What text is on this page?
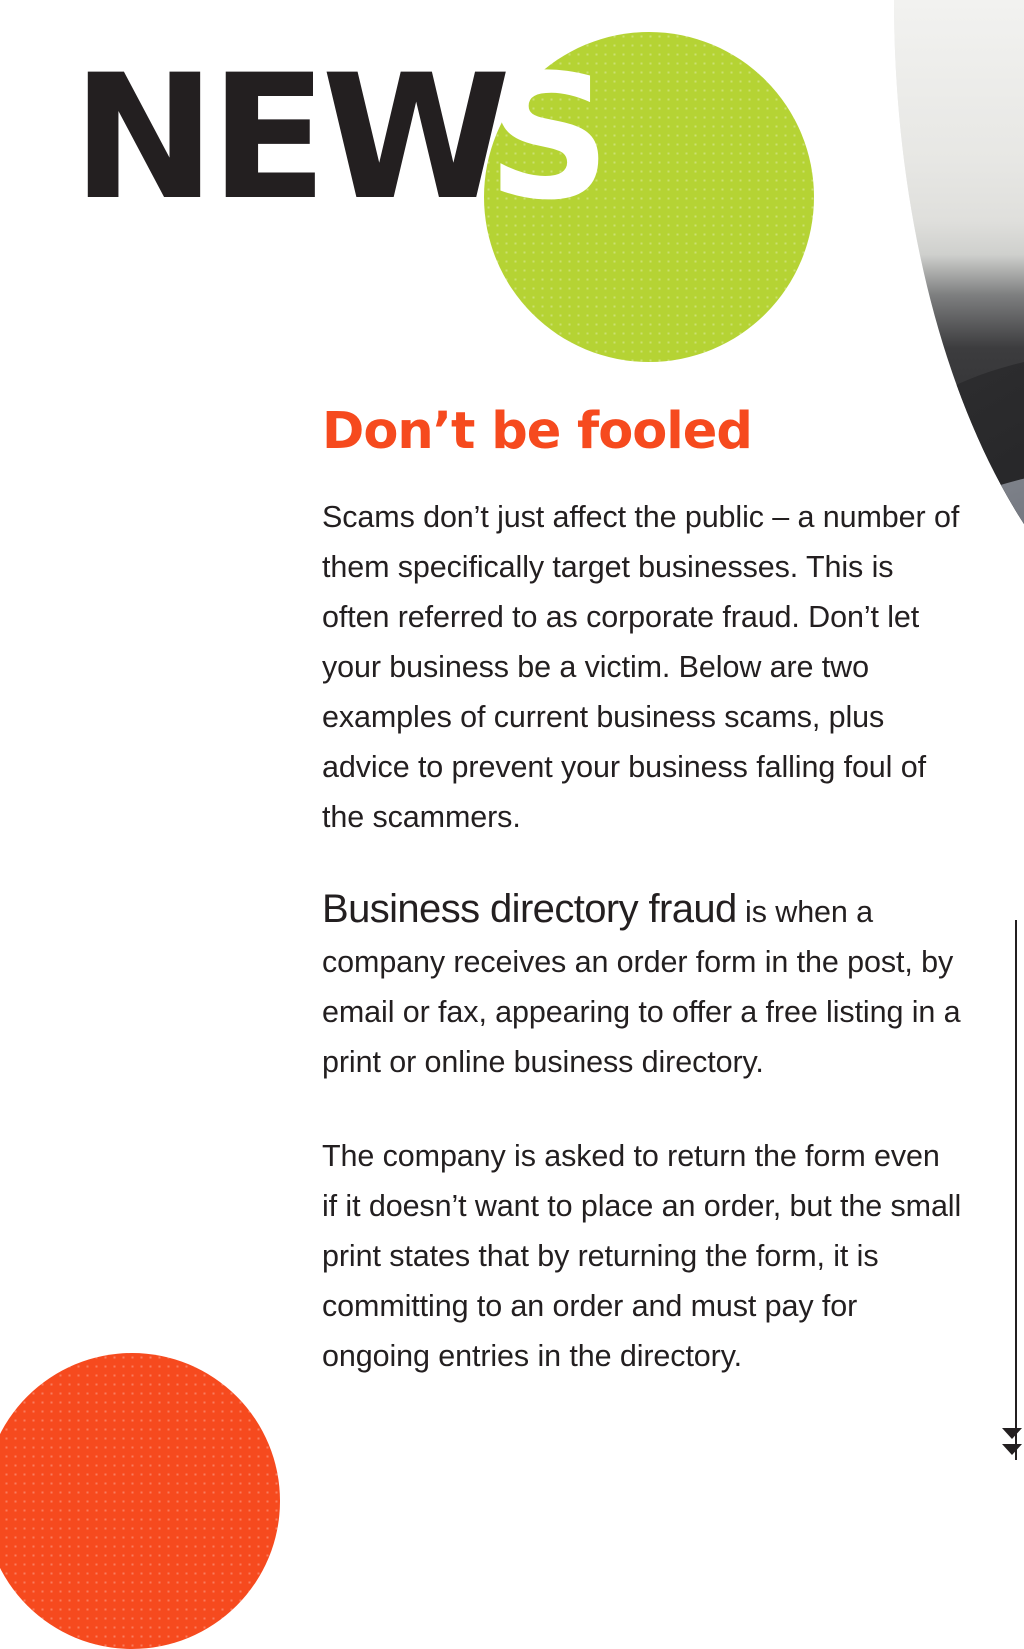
NEW
S
Don’t be fooled

Scams don’t just affect the public – a number of them specifically target businesses. This is often referred to as corporate fraud. Don’t let your business be a victim. Below are two examples of current business scams, plus advice to prevent your business falling foul of the scammers.

Business directory fraud is when a company receives an order form in the post, by email or fax, appearing to offer a free listing in a print or online business directory.

The company is asked to return the form even if it doesn’t want to place an order, but the small print states that by returning the form, it is committing to an order and must pay for ongoing entries in the directory.
